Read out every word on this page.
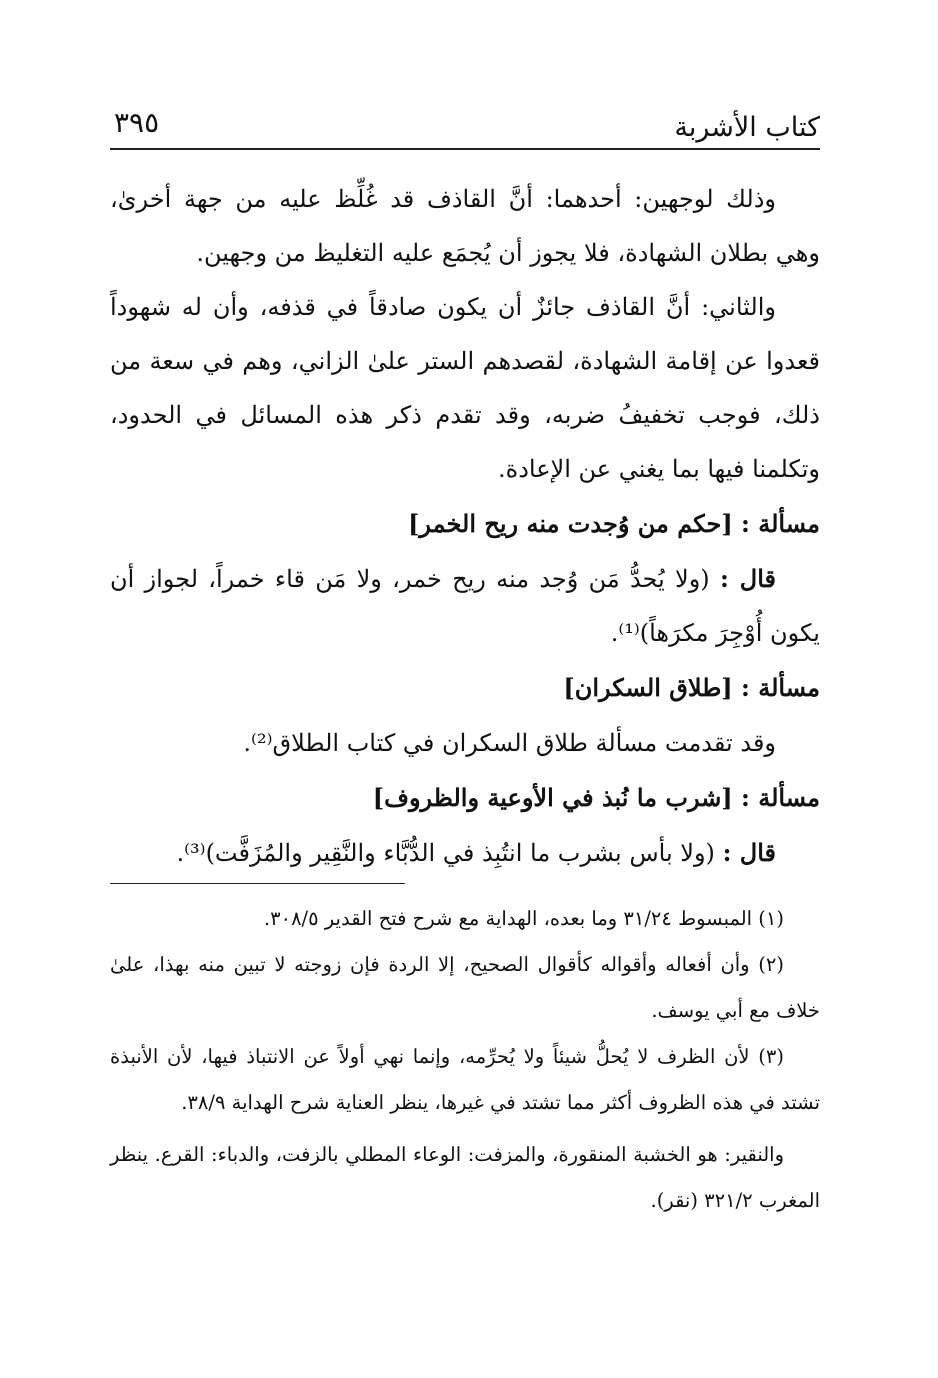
كتاب الأشربة
٣٩٥

وذلك لوجهين: أحدهما: أنَّ القاذف قد غُلِّظ عليه من جهة أخرىٰ، وهي بطلان الشهادة، فلا يجوز أن يُجمَع عليه التغليظ من وجهين.

والثاني: أنَّ القاذف جائزٌ أن يكون صادقاً في قذفه، وأن له شهوداً قعدوا عن إقامة الشهادة، لقصدهم الستر علىٰ الزاني، وهم في سعة من ذلك، فوجب تخفيفُ ضربه، وقد تقدم ذكر هذه المسائل في الحدود، وتكلمنا فيها بما يغني عن الإعادة.

مسألة : [حكم من وُجدت منه ريح الخمر]

قال : (ولا يُحدُّ مَن وُجد منه ريح خمر، ولا مَن قاء خمراً، لجواز أن يكون أُوْجِرَ مكرَهاً)⁽¹⁾.

مسألة : [طلاق السكران]

وقد تقدمت مسألة طلاق السكران في كتاب الطلاق⁽²⁾.

مسألة : [شرب ما نُبذ في الأوعية والظروف]

قال : (ولا بأس بشرب ما انتُبِذ في الدُّبَّاء والنَّقِير والمُزَفَّت)⁽³⁾.

(١) المبسوط ٣١/٢٤ وما بعده، الهداية مع شرح فتح القدير ٣٠٨/٥.

(٢) وأن أفعاله وأقواله كأقوال الصحيح، إلا الردة فإن زوجته لا تبين منه بهذا، علىٰ خلاف مع أبي يوسف.

(٣) لأن الظرف لا يُحلُّ شيئاً ولا يُحرِّمه، وإنما نهي أولاً عن الانتباذ فيها، لأن الأنبذة تشتد في هذه الظروف أكثر مما تشتد في غيرها، ينظر العناية شرح الهداية ٣٨/٩.

والنقير: هو الخشبة المنقورة، والمزفت: الوعاء المطلي بالزفت، والدباء: القرع. ينظر المغرب ٣٢١/٢ (نقر).
